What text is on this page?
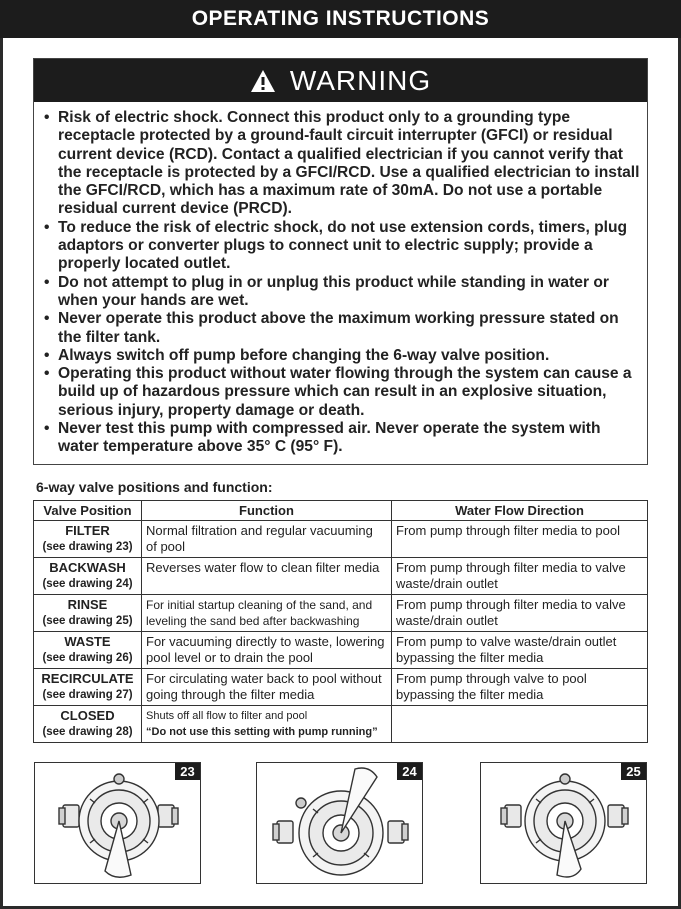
OPERATING INSTRUCTIONS
WARNING
• Risk of electric shock. Connect this product only to a grounding type receptacle protected by a ground-fault circuit interrupter (GFCI) or residual current device (RCD). Contact a qualified electrician if you cannot verify that the receptacle is protected by a GFCI/RCD. Use a qualified electrician to install the GFCI/RCD, which has a maximum rate of 30mA. Do not use a portable residual current device (PRCD).
• To reduce the risk of electric shock, do not use extension cords, timers, plug adaptors or converter plugs to connect unit to electric supply; provide a properly located outlet.
• Do not attempt to plug in or unplug this product while standing in water or when your hands are wet.
• Never operate this product above the maximum working pressure stated on the filter tank.
• Always switch off pump before changing the 6-way valve position.
• Operating this product without water flowing through the system can cause a build up of hazardous pressure which can result in an explosive situation, serious injury, property damage or death.
• Never test this pump with compressed air. Never operate the system with water temperature above 35° C (95° F).
6-way valve positions and function:
Valve Position	Function	Water Flow Direction

FILTER
(see drawing 23)	Normal filtration and regular vacuuming of pool	From pump through filter media to pool

BACKWASH
(see drawing 24)	Reverses water flow to clean filter media	From pump through filter media to valve waste/drain outlet

RINSE
(see drawing 25)	For initial startup cleaning of the sand, and leveling the sand bed after backwashing	From pump through filter media to valve waste/drain outlet

WASTE
(see drawing 26)	For vacuuming directly to waste, lowering pool level or to drain the pool	From pump to valve waste/drain outlet bypassing the filter media

RECIRCULATE
(see drawing 27)	For circulating water back to pool without going through the filter media	From pump through valve to pool bypassing the filter media

CLOSED
(see drawing 28)	Shuts off all flow to filter and pool
“Do not use this setting with pump running”	

23	24	25
